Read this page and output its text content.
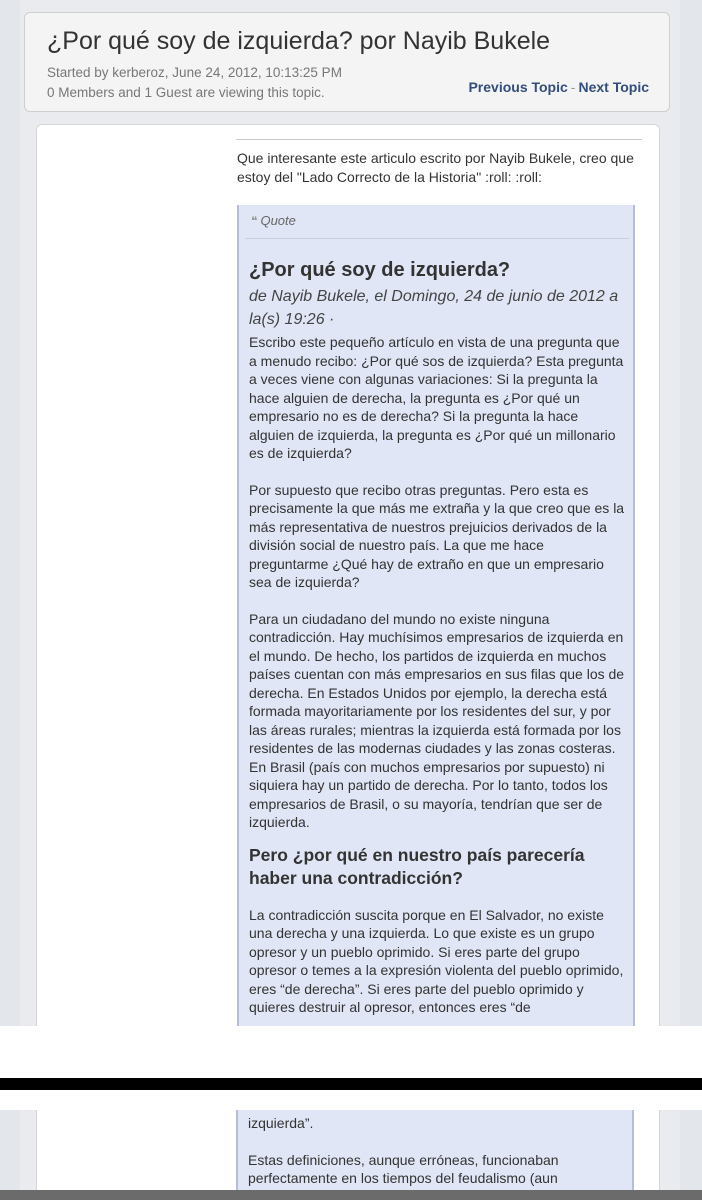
¿Por qué soy de izquierda? por Nayib Bukele
Started by kerberoz, June 24, 2012, 10:13:25 PM
0 Members and 1 Guest are viewing this topic.	Previous Topic - Next Topic
Que interesante este articulo escrito por Nayib Bukele, creo que estoy del "Lado Correcto de la Historia" :roll: :roll:
❝ Quote
¿Por qué soy de izquierda?
de Nayib Bukele, el Domingo, 24 de junio de 2012 a la(s) 19:26 ·

Escribo este pequeño artículo en vista de una pregunta que a menudo recibo: ¿Por qué sos de izquierda? Esta pregunta a veces viene con algunas variaciones: Si la pregunta la hace alguien de derecha, la pregunta es ¿Por qué un empresario no es de derecha? Si la pregunta la hace alguien de izquierda, la pregunta es ¿Por qué un millonario es de izquierda?

Por supuesto que recibo otras preguntas. Pero esta es precisamente la que más me extraña y la que creo que es la más representativa de nuestros prejuicios derivados de la división social de nuestro país. La que me hace preguntarme ¿Qué hay de extraño en que un empresario sea de izquierda?

Para un ciudadano del mundo no existe ninguna contradicción. Hay muchísimos empresarios de izquierda en el mundo. De hecho, los partidos de izquierda en muchos países cuentan con más empresarios en sus filas que los de derecha. En Estados Unidos por ejemplo, la derecha está formada mayoritariamente por los residentes del sur, y por las áreas rurales; mientras la izquierda está formada por los residentes de las modernas ciudades y las zonas costeras. En Brasil (país con muchos empresarios por supuesto) ni siquiera hay un partido de derecha. Por lo tanto, todos los empresarios de Brasil, o su mayoría, tendrían que ser de izquierda.

Pero ¿por qué en nuestro país parecería haber una contradicción?

La contradicción suscita porque en El Salvador, no existe una derecha y una izquierda. Lo que existe es un grupo opresor y un pueblo oprimido. Si eres parte del grupo opresor o temes a la expresión violenta del pueblo oprimido, eres “de derecha”. Si eres parte del pueblo oprimido y quieres destruir al opresor, entonces eres “de

izquierda”.

Estas definiciones, aunque erróneas, funcionaban perfectamente en los tiempos del feudalismo (aun
